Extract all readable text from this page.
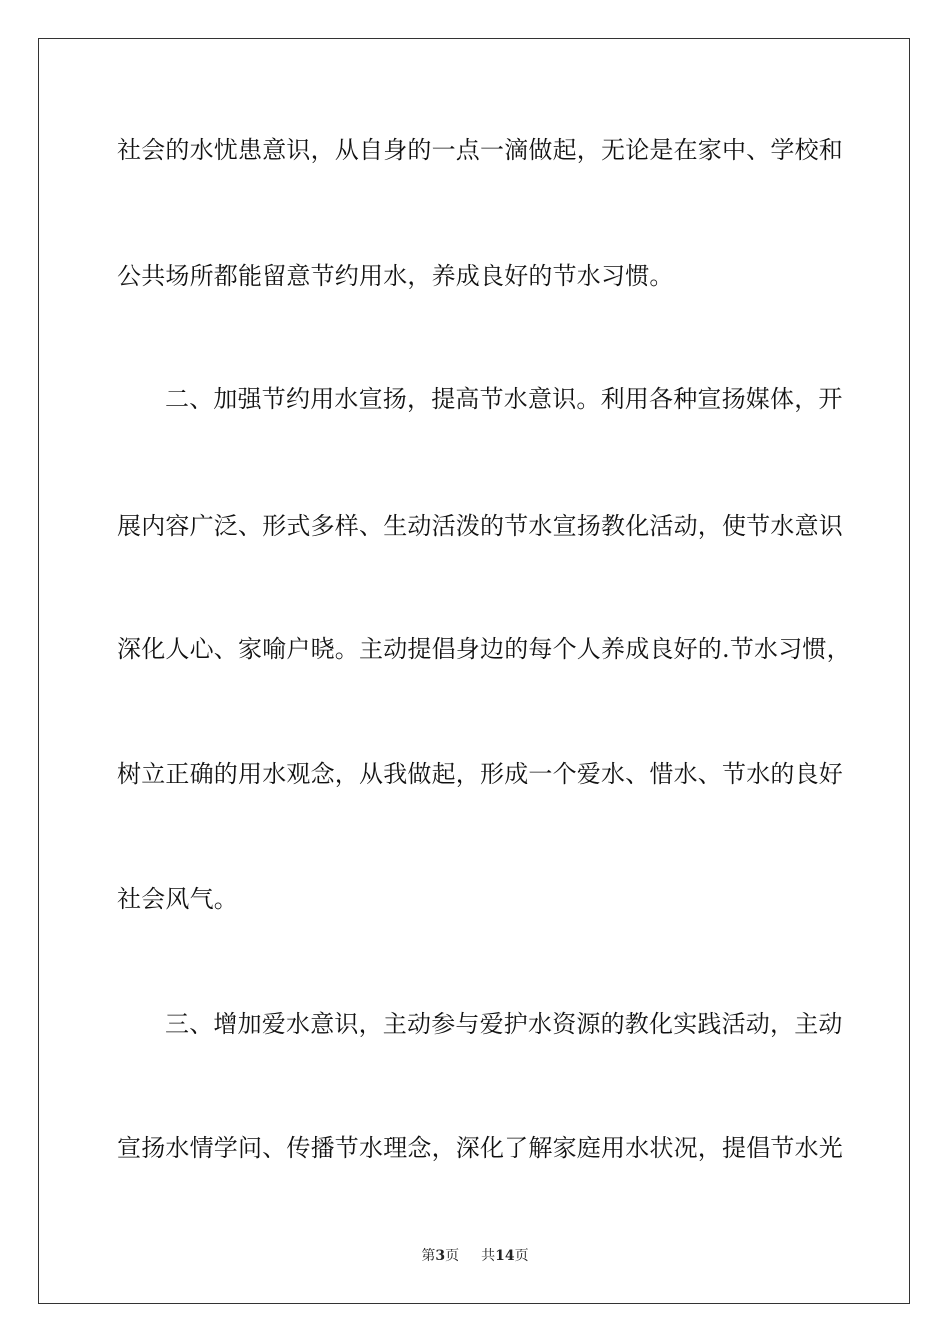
社会的水忧患意识，从自身的一点一滴做起，无论是在家中、学校和
公共场所都能留意节约用水，养成良好的节水习惯。
二、加强节约用水宣扬，提高节水意识。利用各种宣扬媒体，开
展内容广泛、形式多样、生动活泼的节水宣扬教化活动，使节水意识
深化人心、家喻户晓。主动提倡身边的每个人养成良好的.节水习惯，
树立正确的用水观念，从我做起，形成一个爱水、惜水、节水的良好
社会风气。
三、增加爱水意识，主动参与爱护水资源的教化实践活动，主动
宣扬水情学问、传播节水理念，深化了解家庭用水状况，提倡节水光
第3页 共14页
